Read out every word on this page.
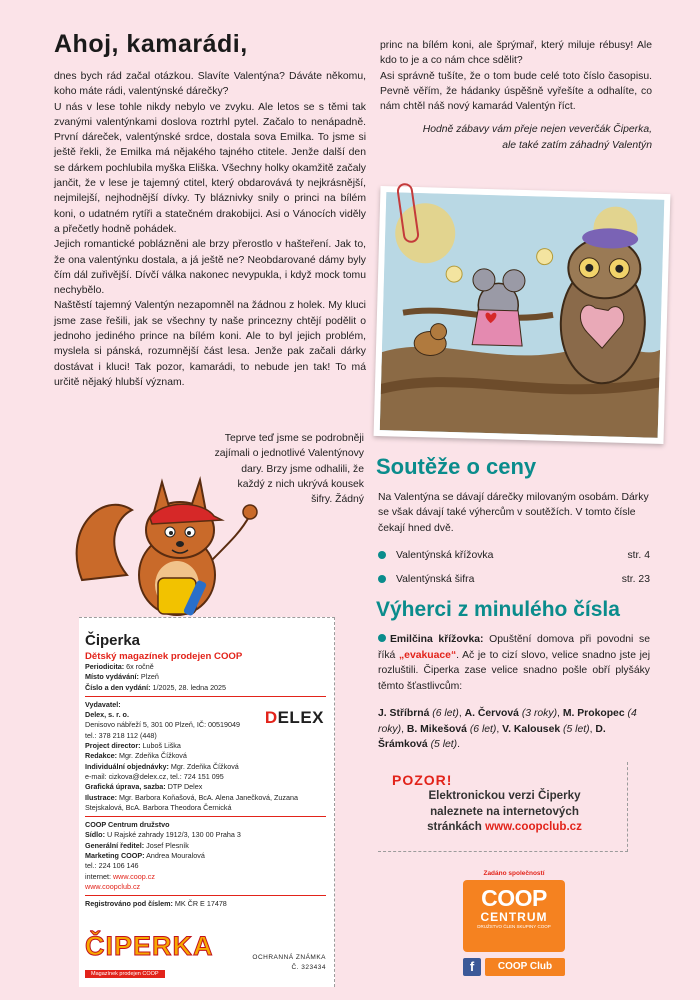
Ahoj, kamarádi,

dnes bych rád začal otázkou. Slavíte Valentýna? Dáváte někomu, koho máte rádi, valentýnské dárečky?

U nás v lese tohle nikdy nebylo ve zvyku. Ale letos se s těmi tak zvanými valentýnkami doslova roztrhl pytel. Začalo to nenápadně. První dáreček, valentýnské srdce, dostala sova Emilka. To jsme si ještě řekli, že Emilka má nějakého tajného ctitele. Jenže další den se dárkem pochlubila myška Eliška. Všechny holky okamžitě začaly jančit, že v lese je tajemný ctitel, který obdarovává ty nejkrásnější, nejmilejší, nejhodnější dívky. Ty bláznivky snily o princi na bílém koni, o udatném rytíři a statečném drakobijci. Asi o Vánocích viděly a přečetly hodně pohádek.

Jejich romantické poblázněni ale brzy přerostlo v hašteření. Jak to, že ona valentýnku dostala, a já ještě ne? Neobdarované dámy byly čím dál zuřivější. Dívčí válka nakonec nevypukla, i když mock tomu nechybělo.

Naštěstí tajemný Valentýn nezapomněl na žádnou z holek. My kluci jsme zase řešili, jak se všechny ty naše princezny chtějí podělit o jednoho jediného prince na bílém koni. Ale to byl jejich problém, myslela si pánská, rozumnější část lesa. Jenže pak začali dárky dostávat i kluci! Tak pozor, kamarádi, to nebude jen tak! To má určitě nějaký hlubší význam.

Teprve teď jsme se podrobněji zajímali o jednotlivé Valentýnovy dary. Brzy jsme odhalili, že každý z nich ukrývá kousek šifry. Žádný

princ na bílém koni, ale šprýmař, který miluje rébusy! Ale kdo to je a co nám chce sdělit?

Asi správně tušíte, že o tom bude celé toto číslo časopisu. Pevně věřím, že hádanky úspěšně vyřešíte a odhalíte, co nám chtěl náš nový kamarád Valentýn říct.

Hodně zábavy vám přeje nejen veverčák Čiperka,
ale také zatím záhadný Valentýn
Soutěže o ceny
Na Valentýna se dávají dárečky milovaným osobám. Dárky se však dávají také výhercům v soutěžích. V tomto čísle čekají hned dvě.
Valentýnská křížovka	str. 4
Valentýnská šifra	str. 23
Výherci z minulého čísla
Emilčina křížovka: Opuštění domova při povodni se říká „evakuace“. Ač je to cizí slovo, velice snadno jste jej rozluštili. Čiperka zase velice snadno pošle obří plyšáky těmto šťastlivcům:
J. Stříbrná (6 let), A. Červová (3 roky), M. Prokopec (4 roky), B. Mikešová (6 let), V. Kalousek (5 let), D. Šrámková (5 let).
POZOR!
Elektronickou verzi Čiperky
naleznete na internetových
stránkách www.coopclub.cz
Zadáno společností
COOP
CENTRUM
DRUŽSTVO ČLEN SKUPINY COOP
f	COOP Club
Čiperka
Dětský magazínek prodejen COOP
Periodicita: 6x ročně
Místo vydávání: Plzeň
Číslo a den vydání: 1/2025, 28. ledna 2025
Vydavatel:
Delex, s. r. o.
Denisovo nábřeží 5, 301 00 Plzeň, IČ: 00519049
tel.: 378 218 112 (448)
Project director: Luboš Liška
Redakce: Mgr. Zdeňka Čížková
Individuální objednávky: Mgr. Zdeňka Čížková
e-mail: cizkova@delex.cz, tel.: 724 151 095
Grafická úprava, sazba: DTP Delex
Ilustrace: Mgr. Barbora Koňašová, BcA. Alena Janečková, Zuzana Stejskalová, BcA. Barbora Theodora Černická
COOP Centrum družstvo
Sídlo: U Rajské zahrady 1912/3, 130 00 Praha 3
Generální ředitel: Josef Plesník
Marketing COOP: Andrea Mouralová
tel.: 224 106 146
internet: www.coop.cz
www.coopclub.cz
Registrováno pod číslem: MK ČR E 17478
DELEX
ČIPERKA
Magazínek prodejen COOP
OCHRANNÁ ZNÁMKA
Č. 323434
